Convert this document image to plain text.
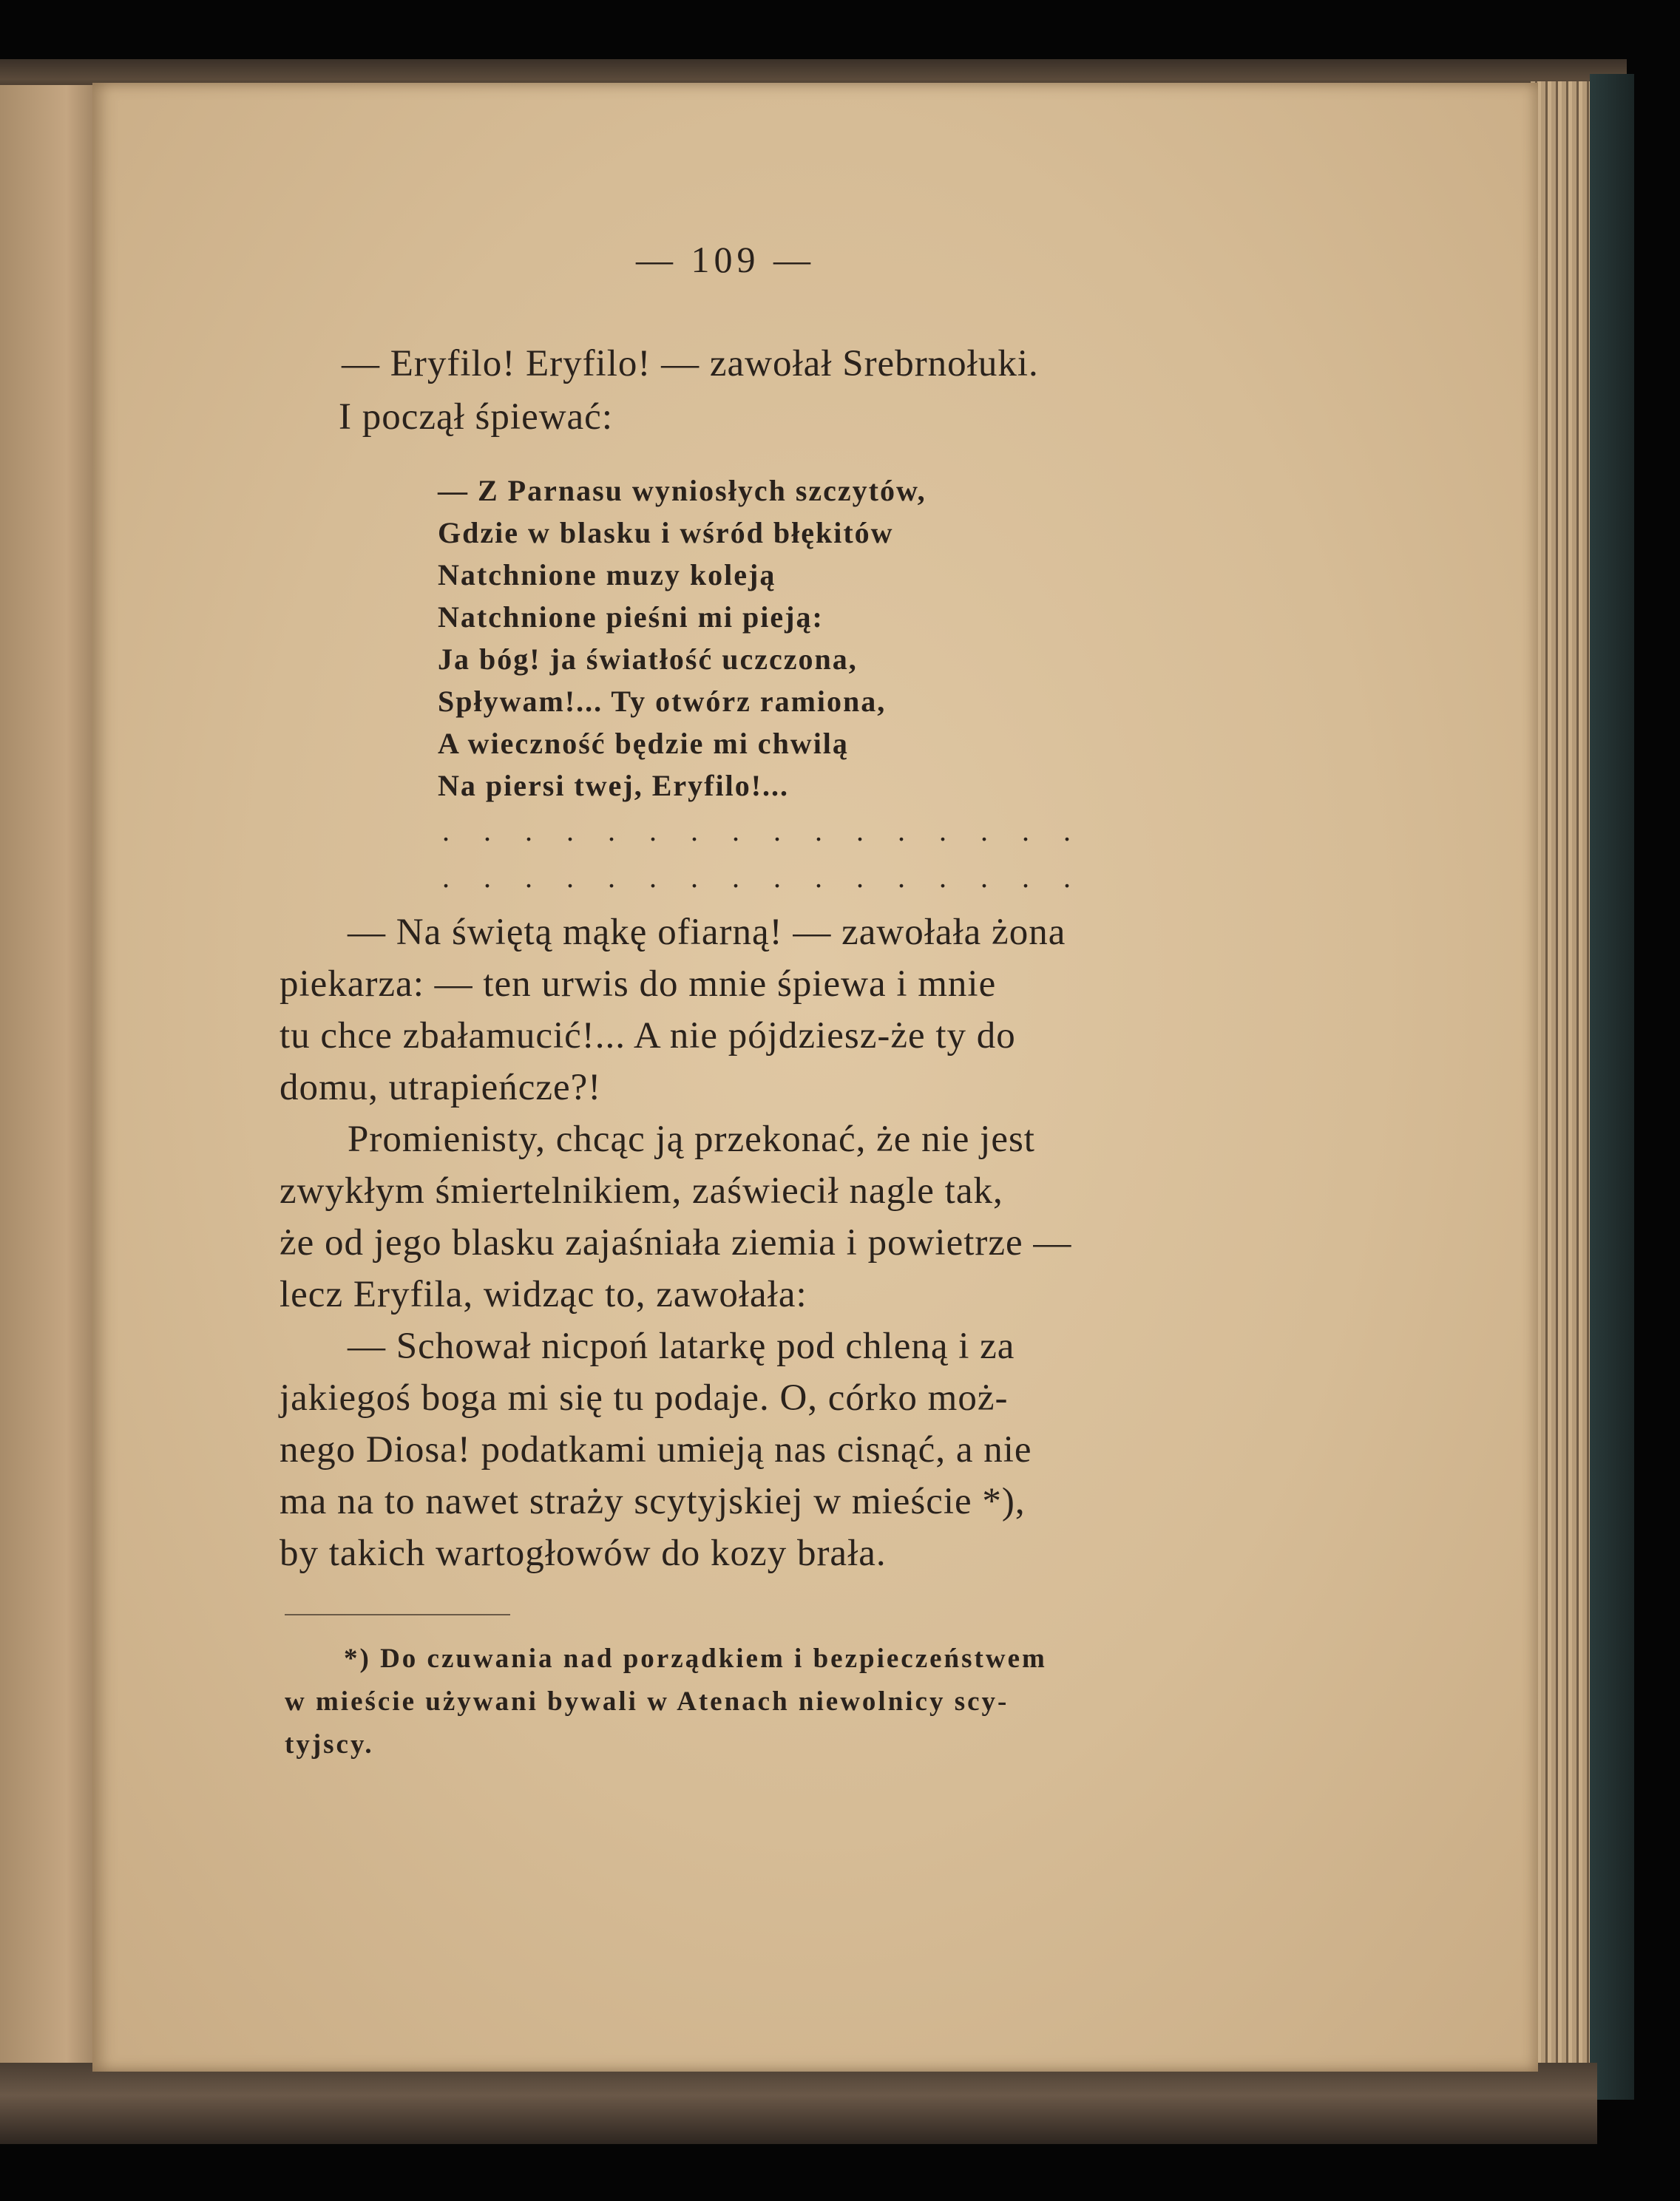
— 109 —
— Eryfilo! Eryfilo! — zawołał Srebrnołuki.
I począł śpiewać:
— Z Parnasu wyniosłych szczytów,
Gdzie w blasku i wśród błękitów
Natchnione muzy koleją
Natchnione pieśni mi pieją:
Ja bóg! ja światłość uczczona,
Spływam!... Ty otwórz ramiona,
A wieczność będzie mi chwilą
Na piersi twej, Eryfilo!...
. . . . . . . . . . . . . . . .
. . . . . . . . . . . . . . . .
— Na świętą mąkę ofiarną! — zawołała żona
piekarza: — ten urwis do mnie śpiewa i mnie
tu chce zbałamucić!... A nie pójdziesz-że ty do
domu, utrapieńcze?!
Promienisty, chcąc ją przekonać, że nie jest
zwykłym śmiertelnikiem, zaświecił nagle tak,
że od jego blasku zajaśniała ziemia i powietrze —
lecz Eryfila, widząc to, zawołała:
— Schował nicpoń latarkę pod chleną i za
jakiegoś boga mi się tu podaje. O, córko moż-
nego Diosa! podatkami umieją nas cisnąć, a nie
ma na to nawet straży scytyjskiej w mieście *),
by takich wartogłowów do kozy brała.
*) Do czuwania nad porządkiem i bezpieczeństwem
w mieście używani bywali w Atenach niewolnicy scy-
tyjscy.
